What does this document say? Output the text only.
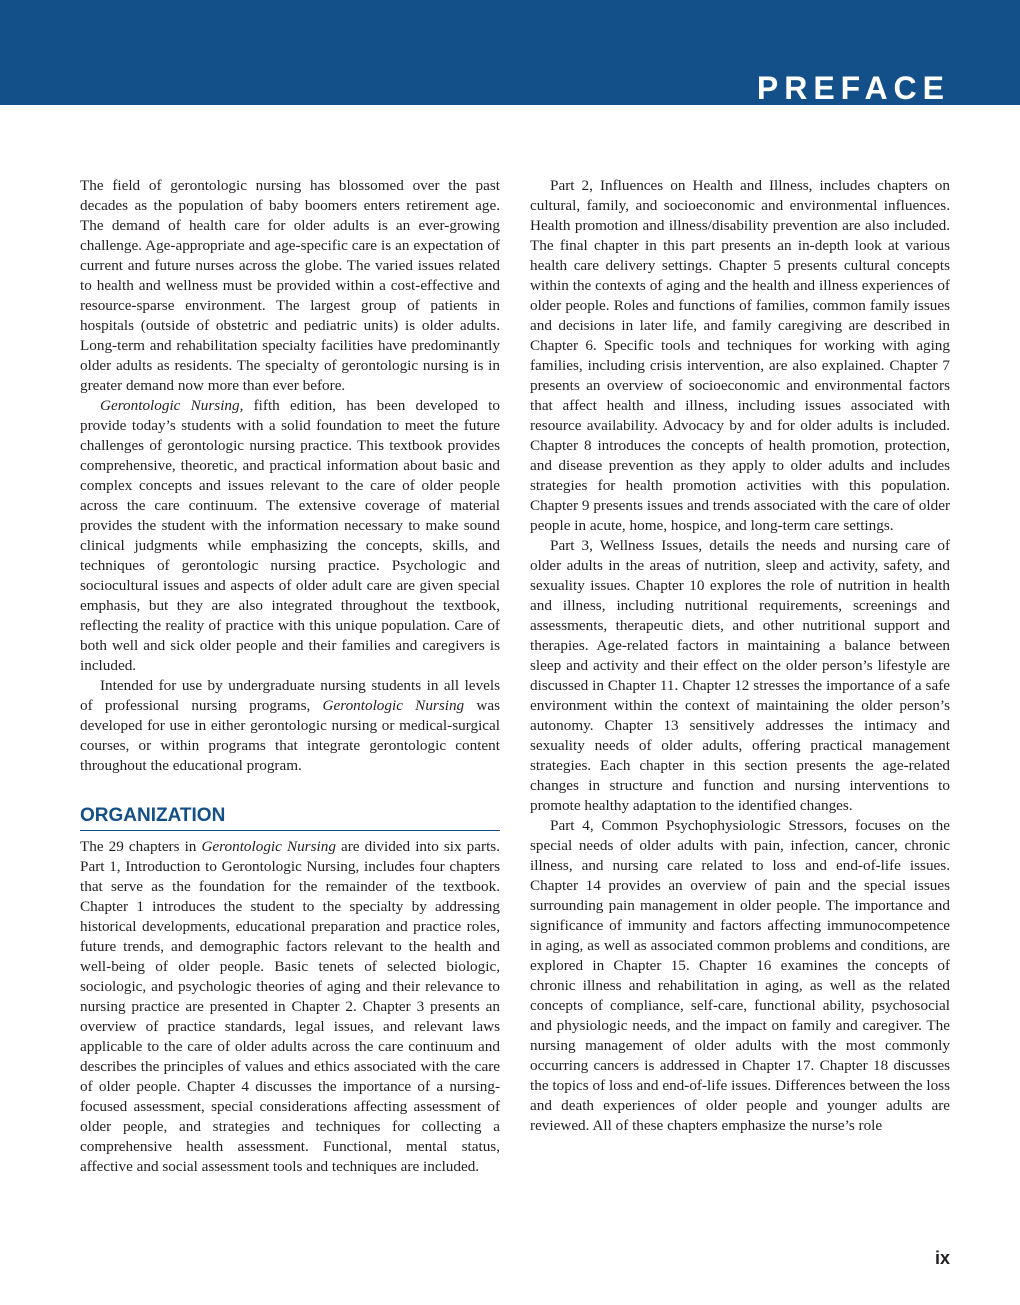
PREFACE

The field of gerontologic nursing has blossomed over the past decades as the population of baby boomers enters retirement age. The demand of health care for older adults is an ever-growing challenge. Age-appropriate and age-specific care is an expectation of current and future nurses across the globe. The varied issues related to health and wellness must be provided within a cost-effective and resource-sparse environment. The largest group of patients in hospitals (outside of obstetric and pediatric units) is older adults. Long-term and rehabilitation specialty facilities have predominantly older adults as residents. The specialty of gerontologic nursing is in greater demand now more than ever before.

Gerontologic Nursing, fifth edition, has been developed to provide today’s students with a solid foundation to meet the future challenges of gerontologic nursing practice. This textbook provides comprehensive, theoretic, and practical information about basic and complex concepts and issues relevant to the care of older people across the care continuum. The extensive coverage of material provides the student with the information necessary to make sound clinical judgments while emphasizing the concepts, skills, and techniques of gerontologic nursing practice. Psychologic and sociocultural issues and aspects of older adult care are given special emphasis, but they are also integrated throughout the textbook, reflecting the reality of practice with this unique population. Care of both well and sick older people and their families and caregivers is included.

Intended for use by undergraduate nursing students in all levels of professional nursing programs, Gerontologic Nursing was developed for use in either gerontologic nursing or medical-surgical courses, or within programs that integrate gerontologic content throughout the educational program.

ORGANIZATION

The 29 chapters in Gerontologic Nursing are divided into six parts. Part 1, Introduction to Gerontologic Nursing, includes four chapters that serve as the foundation for the remainder of the textbook. Chapter 1 introduces the student to the specialty by addressing historical developments, educational preparation and practice roles, future trends, and demographic factors relevant to the health and well-being of older people. Basic tenets of selected biologic, sociologic, and psychologic theories of aging and their relevance to nursing practice are presented in Chapter 2. Chapter 3 presents an overview of practice standards, legal issues, and relevant laws applicable to the care of older adults across the care continuum and describes the principles of values and ethics associated with the care of older people. Chapter 4 discusses the importance of a nursing-focused assessment, special considerations affecting assessment of older people, and strategies and techniques for collecting a comprehensive health assessment. Functional, mental status, affective and social assessment tools and techniques are included.

Part 2, Influences on Health and Illness, includes chapters on cultural, family, and socioeconomic and environmental influences. Health promotion and illness/disability prevention are also included. The final chapter in this part presents an in-depth look at various health care delivery settings. Chapter 5 presents cultural concepts within the contexts of aging and the health and illness experiences of older people. Roles and functions of families, common family issues and decisions in later life, and family caregiving are described in Chapter 6. Specific tools and techniques for working with aging families, including crisis intervention, are also explained. Chapter 7 presents an overview of socioeconomic and environmental factors that affect health and illness, including issues associated with resource availability. Advocacy by and for older adults is included. Chapter 8 introduces the concepts of health promotion, protection, and disease prevention as they apply to older adults and includes strategies for health promotion activities with this population. Chapter 9 presents issues and trends associated with the care of older people in acute, home, hospice, and long-term care settings.

Part 3, Wellness Issues, details the needs and nursing care of older adults in the areas of nutrition, sleep and activity, safety, and sexuality issues. Chapter 10 explores the role of nutrition in health and illness, including nutritional requirements, screenings and assessments, therapeutic diets, and other nutritional support and therapies. Age-related factors in maintaining a balance between sleep and activity and their effect on the older person’s lifestyle are discussed in Chapter 11. Chapter 12 stresses the importance of a safe environment within the context of maintaining the older person’s autonomy. Chapter 13 sensitively addresses the intimacy and sexuality needs of older adults, offering practical management strategies. Each chapter in this section presents the age-related changes in structure and function and nursing interventions to promote healthy adaptation to the identified changes.

Part 4, Common Psychophysiologic Stressors, focuses on the special needs of older adults with pain, infection, cancer, chronic illness, and nursing care related to loss and end-of-life issues. Chapter 14 provides an overview of pain and the special issues surrounding pain management in older people. The importance and significance of immunity and factors affecting immunocompetence in aging, as well as associated common problems and conditions, are explored in Chapter 15. Chapter 16 examines the concepts of chronic illness and rehabilitation in aging, as well as the related concepts of compliance, self-care, functional ability, psychosocial and physiologic needs, and the impact on family and caregiver. The nursing management of older adults with the most commonly occurring cancers is addressed in Chapter 17. Chapter 18 discusses the topics of loss and end-of-life issues. Differences between the loss and death experiences of older people and younger adults are reviewed. All of these chapters emphasize the nurse’s role

ix
